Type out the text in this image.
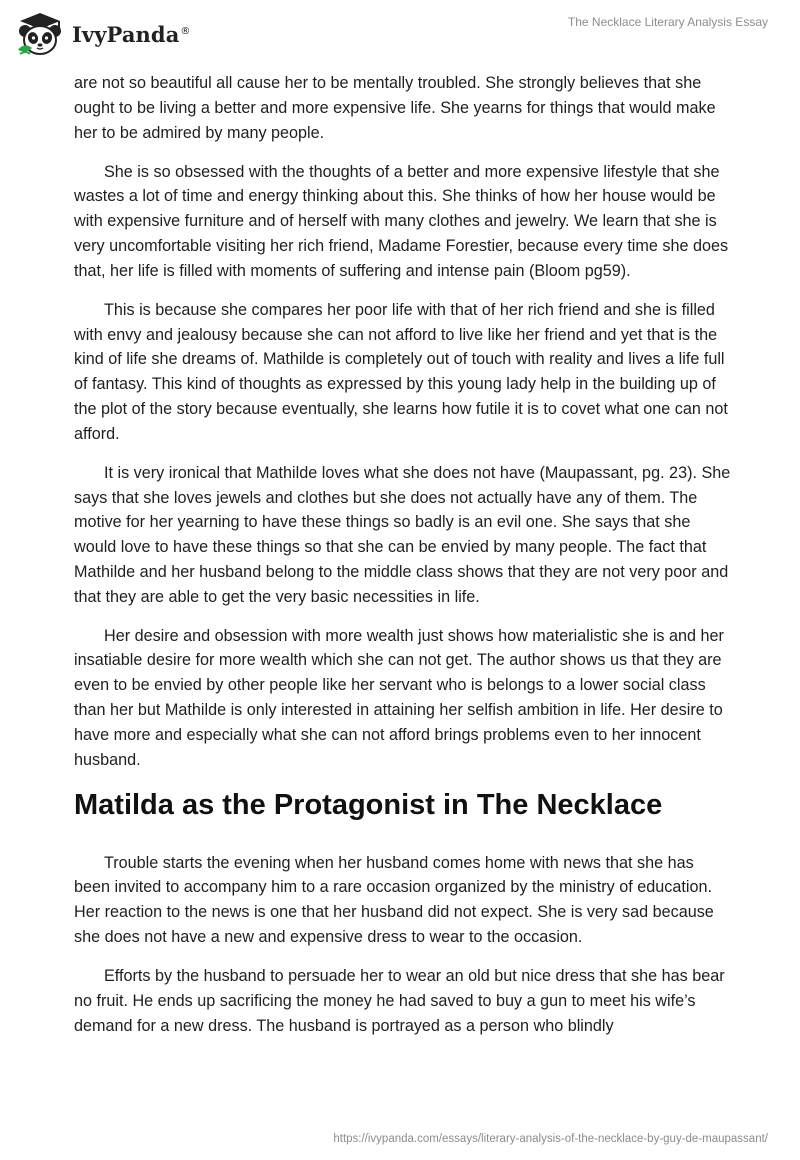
IvyPanda®
The Necklace Literary Analysis Essay

are not so beautiful all cause her to be mentally troubled. She strongly believes that she ought to be living a better and more expensive life. She yearns for things that would make her to be admired by many people.

She is so obsessed with the thoughts of a better and more expensive lifestyle that she wastes a lot of time and energy thinking about this. She thinks of how her house would be with expensive furniture and of herself with many clothes and jewelry. We learn that she is very uncomfortable visiting her rich friend, Madame Forestier, because every time she does that, her life is filled with moments of suffering and intense pain (Bloom pg59).

This is because she compares her poor life with that of her rich friend and she is filled with envy and jealousy because she can not afford to live like her friend and yet that is the kind of life she dreams of. Mathilde is completely out of touch with reality and lives a life full of fantasy. This kind of thoughts as expressed by this young lady help in the building up of the plot of the story because eventually, she learns how futile it is to covet what one can not afford.

It is very ironical that Mathilde loves what she does not have (Maupassant, pg. 23). She says that she loves jewels and clothes but she does not actually have any of them. The motive for her yearning to have these things so badly is an evil one. She says that she would love to have these things so that she can be envied by many people. The fact that Mathilde and her husband belong to the middle class shows that they are not very poor and that they are able to get the very basic necessities in life.

Her desire and obsession with more wealth just shows how materialistic she is and her insatiable desire for more wealth which she can not get. The author shows us that they are even to be envied by other people like her servant who is belongs to a lower social class than her but Mathilde is only interested in attaining her selfish ambition in life. Her desire to have more and especially what she can not afford brings problems even to her innocent husband.

Matilda as the Protagonist in The Necklace

Trouble starts the evening when her husband comes home with news that she has been invited to accompany him to a rare occasion organized by the ministry of education. Her reaction to the news is one that her husband did not expect. She is very sad because she does not have a new and expensive dress to wear to the occasion.

Efforts by the husband to persuade her to wear an old but nice dress that she has bear no fruit. He ends up sacrificing the money he had saved to buy a gun to meet his wife’s demand for a new dress. The husband is portrayed as a person who blindly

https://ivypanda.com/essays/literary-analysis-of-the-necklace-by-guy-de-maupassant/
